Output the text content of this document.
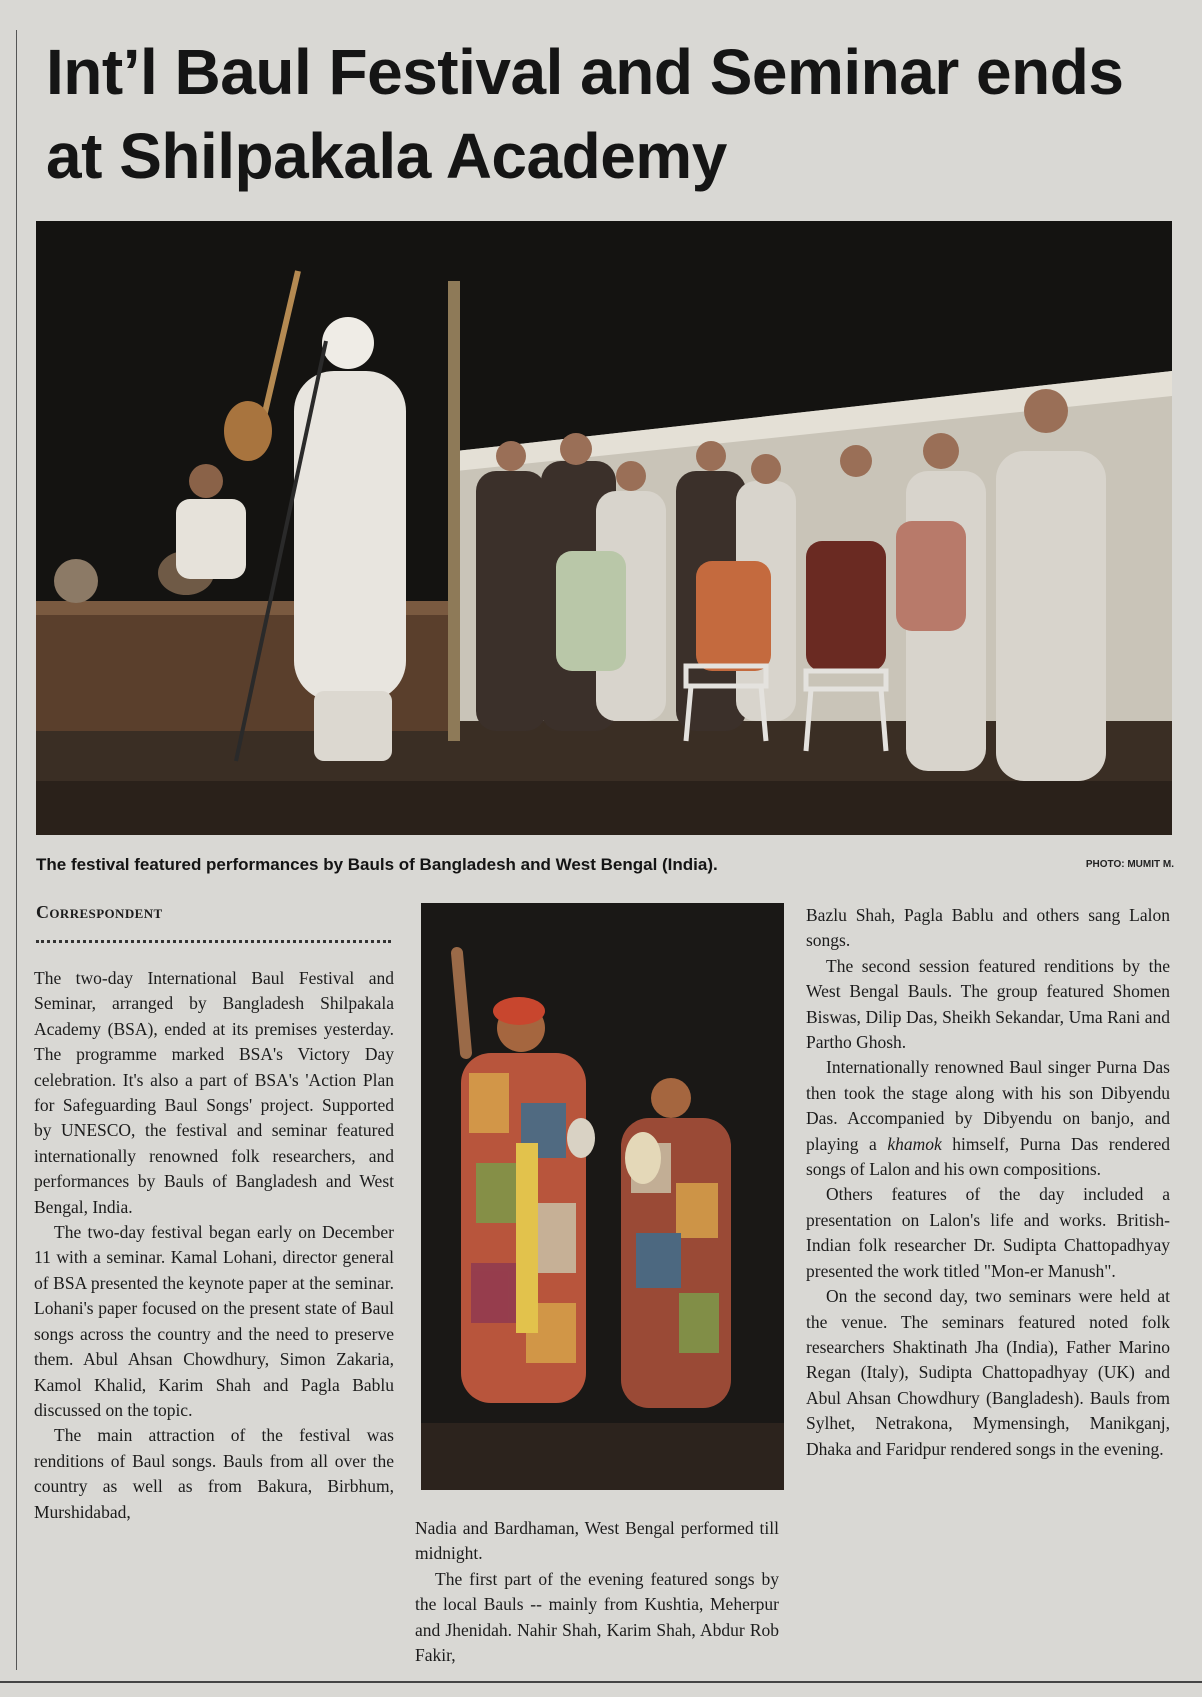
Int’l Baul Festival and Seminar ends at Shilpakala Academy
The festival featured performances by Bauls of Bangladesh and West Bengal (India).	PHOTO: MUMIT M.
Correspondent

The two-day International Baul Festival and Seminar, arranged by Bangladesh Shilpakala Academy (BSA), ended at its premises yesterday. The programme marked BSA's Victory Day celebration. It's also a part of BSA's 'Action Plan for Safeguarding Baul Songs' project. Supported by UNESCO, the festival and seminar featured internationally renowned folk researchers, and performances by Bauls of Bangladesh and West Bengal, India.

The two-day festival began early on December 11 with a seminar. Kamal Lohani, director general of BSA presented the keynote paper at the seminar. Lohani's paper focused on the present state of Baul songs across the country and the need to preserve them. Abul Ahsan Chowdhury, Simon Zakaria, Kamol Khalid, Karim Shah and Pagla Bablu discussed on the topic.

The main attraction of the festival was renditions of Baul songs. Bauls from all over the country as well as from Bakura, Birbhum, Murshidabad,

Nadia and Bardhaman, West Bengal performed till midnight.

The first part of the evening featured songs by the local Bauls -- mainly from Kushtia, Meherpur and Jhenidah. Nahir Shah, Karim Shah, Abdur Rob Fakir,

Bazlu Shah, Pagla Bablu and others sang Lalon songs.

The second session featured renditions by the West Bengal Bauls. The group featured Shomen Biswas, Dilip Das, Sheikh Sekandar, Uma Rani and Partho Ghosh.

Internationally renowned Baul singer Purna Das then took the stage along with his son Dibyendu Das. Accompanied by Dibyendu on banjo, and playing a khamok himself, Purna Das rendered songs of Lalon and his own compositions.

Others features of the day included a presentation on Lalon's life and works. British-Indian folk researcher Dr. Sudipta Chattopadhyay presented the work titled "Mon-er Manush".

On the second day, two seminars were held at the venue. The seminars featured noted folk researchers Shaktinath Jha (India), Father Marino Regan (Italy), Sudipta Chattopadhyay (UK) and Abul Ahsan Chowdhury (Bangladesh). Bauls from Sylhet, Netrakona, Mymensingh, Manikganj, Dhaka and Faridpur rendered songs in the evening.
